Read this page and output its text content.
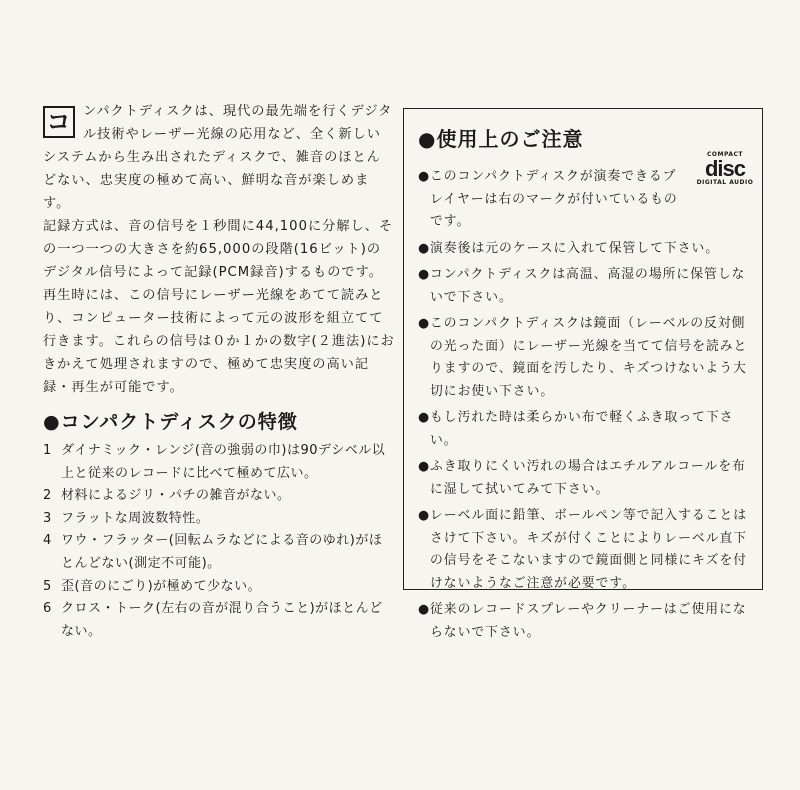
コ ンパクトディスクは、現代の最先端を行くデジタル技術やレーザー光線の応用など、全く新しいシステムから生み出されたディスクで、雑音のほとんどない、忠実度の極めて高い、鮮明な音が楽しめます。

記録方式は、音の信号を１秒間に44,100に分解し、その一つ一つの大きさを約65,000の段階(16ビット)のデジタル信号によって記録(PCM録音)するものです。再生時には、この信号にレーザー光線をあてて読みとり、コンピューター技術によって元の波形を組立てて行きます。これらの信号は０か１かの数字(２進法)におきかえて処理されますので、極めて忠実度の高い記録・再生が可能です。

●コンパクトディスクの特徴
1 ダイナミック・レンジ(音の強弱の巾)は90デシベル以上と従来のレコードに比べて極めて広い。
2 材料によるジリ・パチの雑音がない。
3 フラットな周波数特性。
4 ワウ・フラッター(回転ムラなどによる音のゆれ)がほとんどない(測定不可能)。
5 歪(音のにごり)が極めて少ない。
6 クロス・トーク(左右の音が混り合うこと)がほとんどない。
●使用上のご注意
COMPACT
disc
DIGITAL AUDIO
● このコンパクトディスクが演奏できるプレイヤーは右のマークが付いているものです。
● 演奏後は元のケースに入れて保管して下さい。
● コンパクトディスクは高温、高湿の場所に保管しないで下さい。
● このコンパクトディスクは鏡面（レーベルの反対側の光った面）にレーザー光線を当てて信号を読みとりますので、鏡面を汚したり、キズつけないよう大切にお使い下さい。
● もし汚れた時は柔らかい布で軽くふき取って下さい。
● ふき取りにくい汚れの場合はエチルアルコールを布に湿して拭いてみて下さい。
● レーベル面に鉛筆、ボールペン等で記入することはさけて下さい。キズが付くことによりレーベル直下の信号をそこないますので鏡面側と同様にキズを付けないようなご注意が必要です。
● 従来のレコードスプレーやクリーナーはご使用にならないで下さい。
